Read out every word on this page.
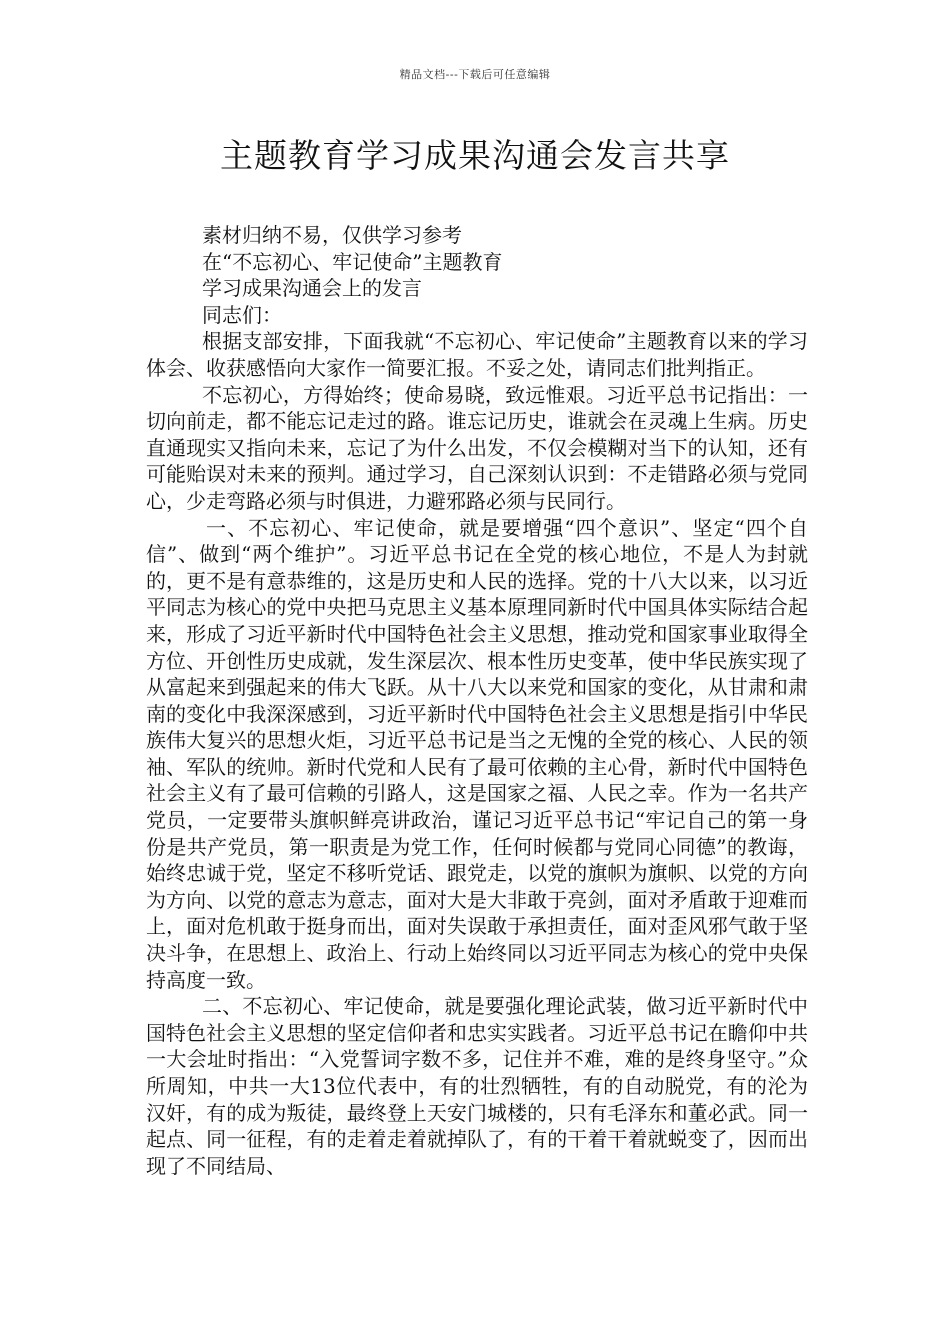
精品文档---下载后可任意编辑
主题教育学习成果沟通会发言共享

素材归纳不易，仅供学习参考

在“不忘初心、牢记使命”主题教育

学习成果沟通会上的发言

同志们：

根据支部安排，下面我就“不忘初心、牢记使命”主题教育以来的学习体会、收获感悟向大家作一简要汇报。不妥之处，请同志们批判指正。

不忘初心，方得始终；使命易晓，致远惟艰。习近平总书记指出：一切向前走，都不能忘记走过的路。谁忘记历史，谁就会在灵魂上生病。历史直通现实又指向未来，忘记了为什么出发，不仅会模糊对当下的认知，还有可能贻误对未来的预判。通过学习，自己深刻认识到：不走错路必须与党同心，少走弯路必须与时俱进，力避邪路必须与民同行。

一、不忘初心、牢记使命，就是要增强“四个意识”、坚定“四个自信”、做到“两个维护”。习近平总书记在全党的核心地位，不是人为封就的，更不是有意恭维的，这是历史和人民的选择。党的十八大以来，以习近平同志为核心的党中央把马克思主义基本原理同新时代中国具体实际结合起来，形成了习近平新时代中国特色社会主义思想，推动党和国家事业取得全方位、开创性历史成就，发生深层次、根本性历史变革，使中华民族实现了从富起来到强起来的伟大飞跃。从十八大以来党和国家的变化，从甘肃和肃南的变化中我深深感到，习近平新时代中国特色社会主义思想是指引中华民族伟大复兴的思想火炬，习近平总书记是当之无愧的全党的核心、人民的领袖、军队的统帅。新时代党和人民有了最可依赖的主心骨，新时代中国特色社会主义有了最可信赖的引路人，这是国家之福、人民之幸。作为一名共产党员，一定要带头旗帜鲜亮讲政治，谨记习近平总书记“牢记自己的第一身份是共产党员，第一职责是为党工作，任何时候都与党同心同德”的教诲，始终忠诚于党，坚定不移听党话、跟党走，以党的旗帜为旗帜、以党的方向为方向、以党的意志为意志，面对大是大非敢于亮剑，面对矛盾敢于迎难而上，面对危机敢于挺身而出，面对失误敢于承担责任，面对歪风邪气敢于坚决斗争，在思想上、政治上、行动上始终同以习近平同志为核心的党中央保持高度一致。

二、不忘初心、牢记使命，就是要强化理论武装，做习近平新时代中国特色社会主义思想的坚定信仰者和忠实实践者。习近平总书记在瞻仰中共一大会址时指出：“入党誓词字数不多，记住并不难，难的是终身坚守。”众所周知，中共一大13位代表中，有的壮烈牺牲，有的自动脱党，有的沦为汉奸，有的成为叛徒，最终登上天安门城楼的，只有毛泽东和董必武。同一起点、同一征程，有的走着走着就掉队了，有的干着干着就蜕变了，因而出现了不同结局、
